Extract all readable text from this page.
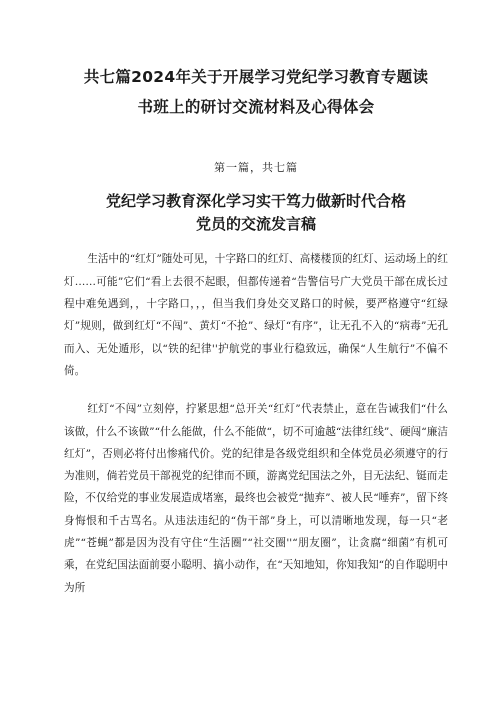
共七篇2024年关于开展学习党纪学习教育专题读
书班上的研讨交流材料及心得体会
第一篇，共七篇
党纪学习教育深化学习实干笃力做新时代合格
党员的交流发言稿

生活中的“红灯”随处可见，十字路口的红灯、高楼楼顶的红灯、运动场上的红灯……可能”它们“看上去很不起眼，但都传递着“告警信号广大党员干部在成长过程中难免遇到，，十字路口，，，但当我们身处交叉路口的时候，要严格遵守“红绿灯”规则，做到红灯“不闯”、黄灯“不抢”、绿灯“有序”，让无孔不入的“病毒”无孔而入、无处遁形，以“铁的纪律''护航党的事业行稳致远，确保“人生航行”不偏不倚。

红灯“不闯”立刻停，拧紧思想“总开关“红灯”代表禁止，意在告诫我们“什么该做，什么不该做”“什么能做，什么不能做“，切不可逾越“法律红线”、硬闯“廉洁红灯”，否则必将付出惨痛代价。党的纪律是各级党组织和全体党员必须遵守的行为准则，倘若党员干部视党的纪律而不顾，游离党纪国法之外，目无法纪、铤而走险，不仅给党的事业发展造成堵塞，最终也会被党“抛弃”、被人民“唾弃”，留下终身悔恨和千古骂名。从违法违纪的“伪干部”身上，可以清晰地发现，每一只“老虎”“苍蝇”都是因为没有守住“生活圈”“社交圈''“朋友圈”，让贪腐“细菌”有机可乘，在党纪国法面前耍小聪明、搞小动作，在“天知地知，你知我知“的自作聪明中为所
